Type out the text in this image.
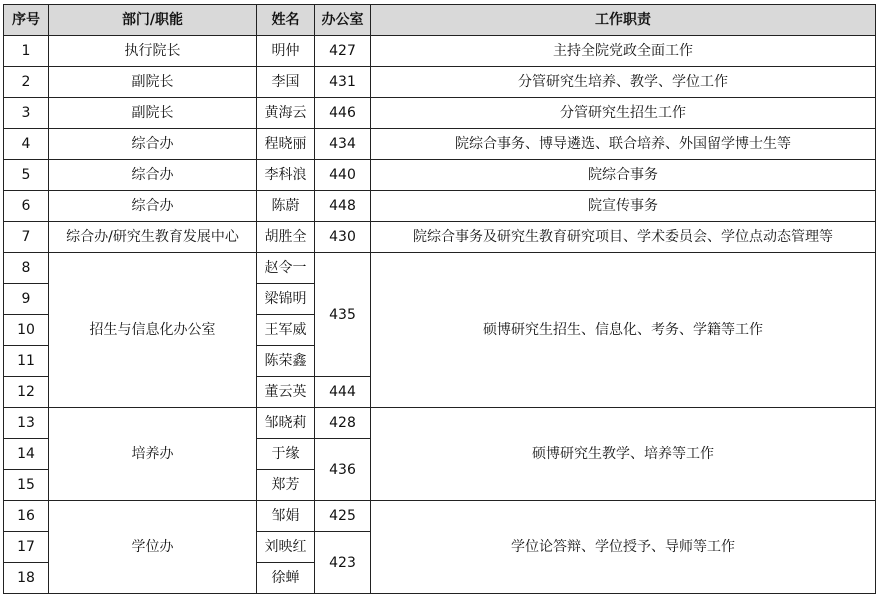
序号	部门/职能	姓名	办公室	工作职责
1	执行院长	明仲	427	主持全院党政全面工作
2	副院长	李国	431	分管研究生培养、教学、学位工作
3	副院长	黄海云	446	分管研究生招生工作
4	综合办	程晓丽	434	院综合事务、博导遴选、联合培养、外国留学博士生等
5	综合办	李科浪	440	院综合事务
6	综合办	陈蔚	448	院宣传事务
7	综合办/研究生教育发展中心	胡胜全	430	院综合事务及研究生教育研究项目、学术委员会、学位点动态管理等
8	招生与信息化办公室	赵令一	435	硕博研究生招生、信息化、考务、学籍等工作
9		梁锦明		
10		王军威		
11		陈荣鑫		
12		董云英	444	
13	培养办	邹晓莉	428	硕博研究生教学、培养等工作
14		于缘	436	
15		郑芳		
16	学位办	邹娟	425	学位论答辩、学位授予、导师等工作
17		刘映红	423	
18		徐蝉		
